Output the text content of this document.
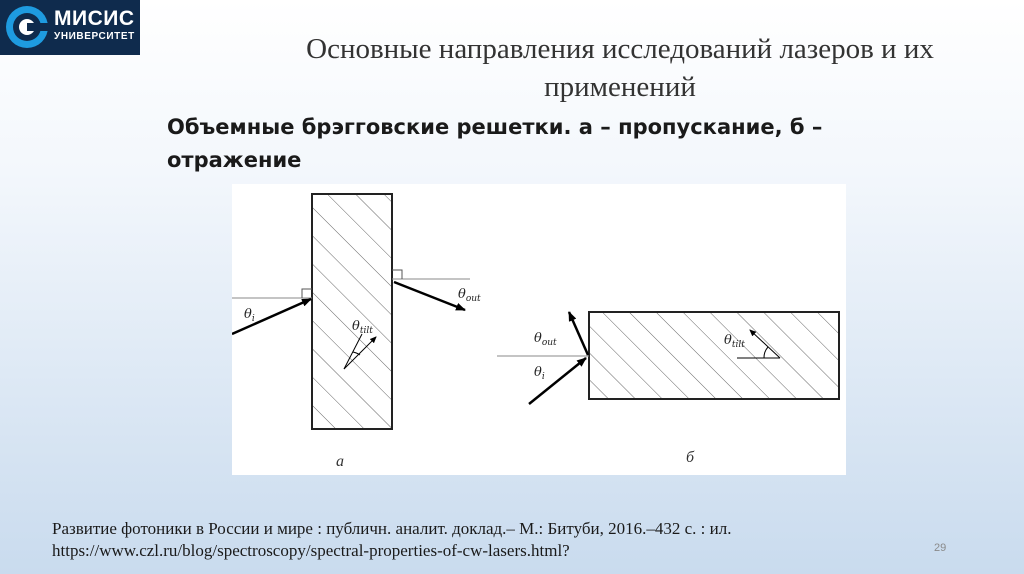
МИСИС
УНИВЕРСИТЕТ	Основные направления исследований лазеров и их применений

Объемные брэгговские решетки. а – пропускание, б – отражение

$\theta_i$
$\theta_{out}$
$\theta_{tilt}$	$\theta_{out}$
$\theta_i$
$\theta_{tilt}$
а	б

Развитие фотоники в России и мире : публичн. аналит. доклад.– М.: Битуби, 2016.–432 с. : ил.
https://www.czl.ru/blog/spectroscopy/spectral-properties-of-cw-lasers.html?	29
